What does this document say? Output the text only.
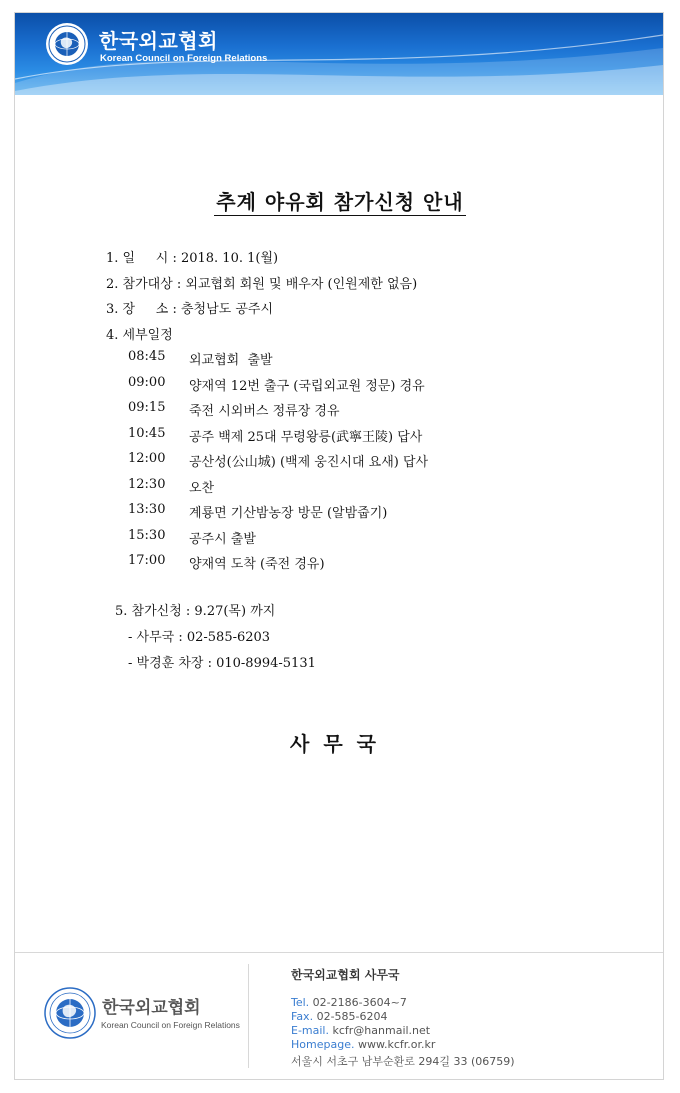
한국외교협회
Korean Council on Foreign Relations
추계 야유회 참가신청 안내
1. 일     시 : 2018. 10. 1(월)
2. 참가대상 : 외교협회 회원 및 배우자 (인원제한 없음)
3. 장     소 : 충청남도 공주시
4. 세부일정
08:45 외교협회  출발
09:00 양재역 12번 출구 (국립외교원 정문) 경유
09:15 죽전 시외버스 정류장 경유
10:45 공주 백제 25대 무령왕릉(武寧王陵) 답사
12:00 공산성(公山城) (백제 웅진시대 요새) 답사
12:30 오찬
13:30 계룡면 기산밤농장 방문 (알밤줍기)
15:30 공주시 출발
17:00 양재역 도착 (죽전 경유)
5. 참가신청 : 9.27(목) 까지
- 사무국 : 02-585-6203
- 박경훈 차장 : 010-8994-5131
사무국
한국외교협회
Korean Council on Foreign Relations
한국외교협회 사무국
Tel. 02-2186-3604~7
Fax. 02-585-6204
E-mail. kcfr@hanmail.net
Homepage. www.kcfr.or.kr
서울시 서초구 남부순환로 294길 33 (06759)
